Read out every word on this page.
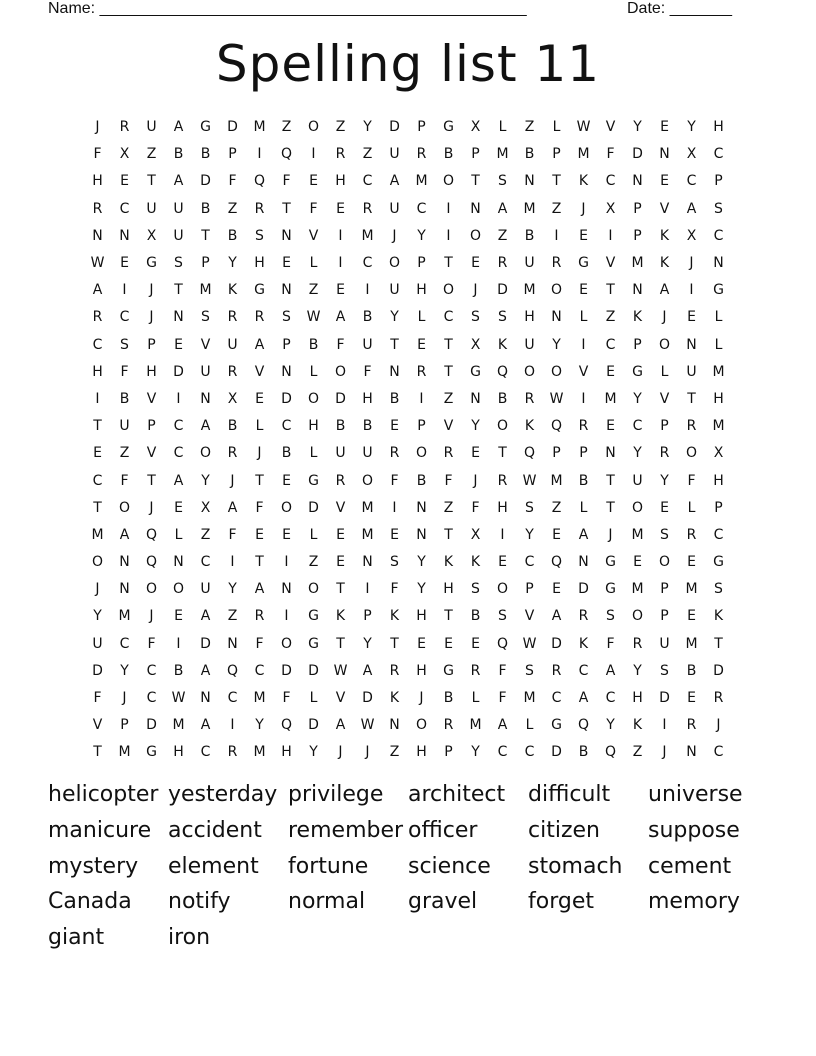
Name: ________________________________________________	Date: _______
Spelling list 11
J	R	U	A	G	D	M	Z	O	Z	Y	D	P	G	X	L	Z	L	W	V	Y	E	Y	H
F	X	Z	B	B	P	I	Q	I	R	Z	U	R	B	P	M	B	P	M	F	D	N	X	C
H	E	T	A	D	F	Q	F	E	H	C	A	M	O	T	S	N	T	K	C	N	E	C	P
R	C	U	U	B	Z	R	T	F	E	R	U	C	I	N	A	M	Z	J	X	P	V	A	S
N	N	X	U	T	B	S	N	V	I	M	J	Y	I	O	Z	B	I	E	I	P	K	X	C
W	E	G	S	P	Y	H	E	L	I	C	O	P	T	E	R	U	R	G	V	M	K	J	N
A	I	J	T	M	K	G	N	Z	E	I	U	H	O	J	D	M	O	E	T	N	A	I	G
R	C	J	N	S	R	R	S	W	A	B	Y	L	C	S	S	H	N	L	Z	K	J	E	L
C	S	P	E	V	U	A	P	B	F	U	T	E	T	X	K	U	Y	I	C	P	O	N	L
H	F	H	D	U	R	V	N	L	O	F	N	R	T	G	Q	O	O	V	E	G	L	U	M
I	B	V	I	N	X	E	D	O	D	H	B	I	Z	N	B	R	W	I	M	Y	V	T	H
T	U	P	C	A	B	L	C	H	B	B	E	P	V	Y	O	K	Q	R	E	C	P	R	M
E	Z	V	C	O	R	J	B	L	U	U	R	O	R	E	Т	Q	P	P	N	Y	R	O	X
C	F	T	A	Y	J	T	E	G	R	O	F	B	F	J	R	W	M	B	T	U	Y	F	H
T	O	J	E	X	A	F	O	D	V	M	I	N	Z	F	H	S	Z	L	T	O	E	L	P
M	A	Q	L	Z	F	E	E	L	E	M	E	N	T	X	I	Y	E	A	J	M	S	R	C
O	N	Q	N	C	I	T	I	Z	E	N	S	Y	K	K	E	C	Q	N	G	E	O	E	G
J	N	O	O	U	Y	A	N	O	T	I	F	Y	H	S	O	P	E	D	G	M	P	M	S
Y	M	J	E	A	Z	R	I	G	K	P	K	H	T	B	S	V	A	R	S	O	P	E	K
U	C	F	I	D	N	F	O	G	T	Y	T	E	E	E	Q	W	D	K	F	R	U	M	T
D	Y	C	B	A	Q	C	D	D	W	A	R	H	G	R	F	S	R	C	A	Y	S	B	D
F	J	C	W	N	C	M	F	L	V	D	K	J	B	L	F	M	C	A	C	H	D	E	R
V	P	D	M	A	I	Y	Q	D	A	W	N	O	R	M	A	L	G	Q	Y	K	I	R	J
T	M	G	H	C	R	M	H	Y	J	J	Z	H	P	Y	C	C	D	B	Q	Z	J	N	C
helicopter yesterday privilege	architect	difficult	universe
manicure accident	remember officer	citizen	suppose
mystery	element	fortune	science	stomach	cement
Canada	notify	normal	gravel	forget	memory
giant	iron
